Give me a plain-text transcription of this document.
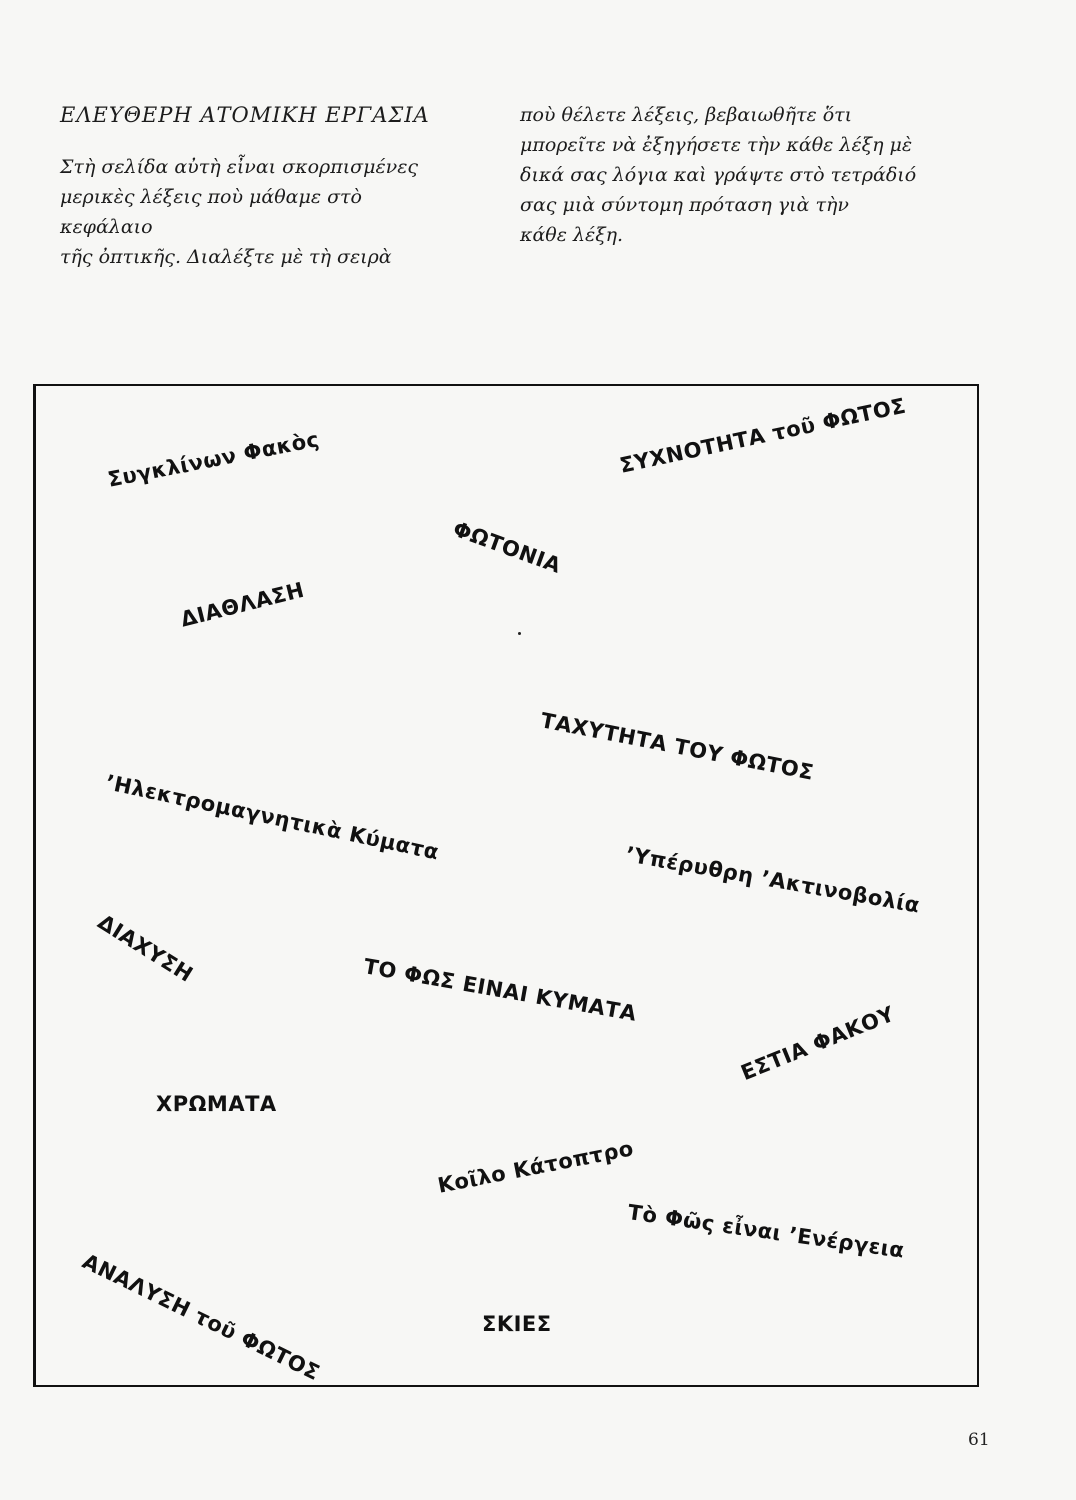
ΕΛΕΥΘΕΡΗ ΑΤΟΜΙΚΗ ΕΡΓΑΣΙΑ

Στὴ σελίδα αὐτὴ εἶναι σκορπισμένες
μερικὲς λέξεις ποὺ μάθαμε στὸ κεφάλαιο
τῆς ὀπτικῆς. Διαλέξτε μὲ τὴ σειρὰ

ποὺ θέλετε λέξεις, βεβαιωθῆτε ὅτι
μπορεῖτε νὰ ἐξηγήσετε τὴν κάθε λέξη μὲ
δικά σας λόγια καὶ γράψτε στὸ τετράδιό
σας μιὰ σύντομη πρόταση γιὰ τὴν
κάθε λέξη.

Συγκλίνων Φακὸς	ΣΥΧΝΟΤΗΤΑ τοῦ ΦΩΤΟΣ
ΦΩΤΟΝΙΑ
ΔΙΑΘΛΑΣΗ
ΤΑΧΥΤΗΤΑ ΤΟΥ ΦΩΤΟΣ
ʼΗλεκτρομαγνητικὰ Κύματα
ʼΥπέρυθρη ʼΑκτινοβολία
ΔΙΑΧΥΣΗ
ΤΟ ΦΩΣ ΕΙΝΑΙ ΚΥΜΑΤΑ
ΕΣΤΙΑ ΦΑΚΟΥ
ΧΡΩΜΑΤΑ
Κοῖλο Κάτοπτρο
Τὸ Φῶς εἶναι ʼΕνέργεια
ΑΝΑΛΥΣΗ τοῦ ΦΩΤΟΣ	ΣΚΙΕΣ
61
